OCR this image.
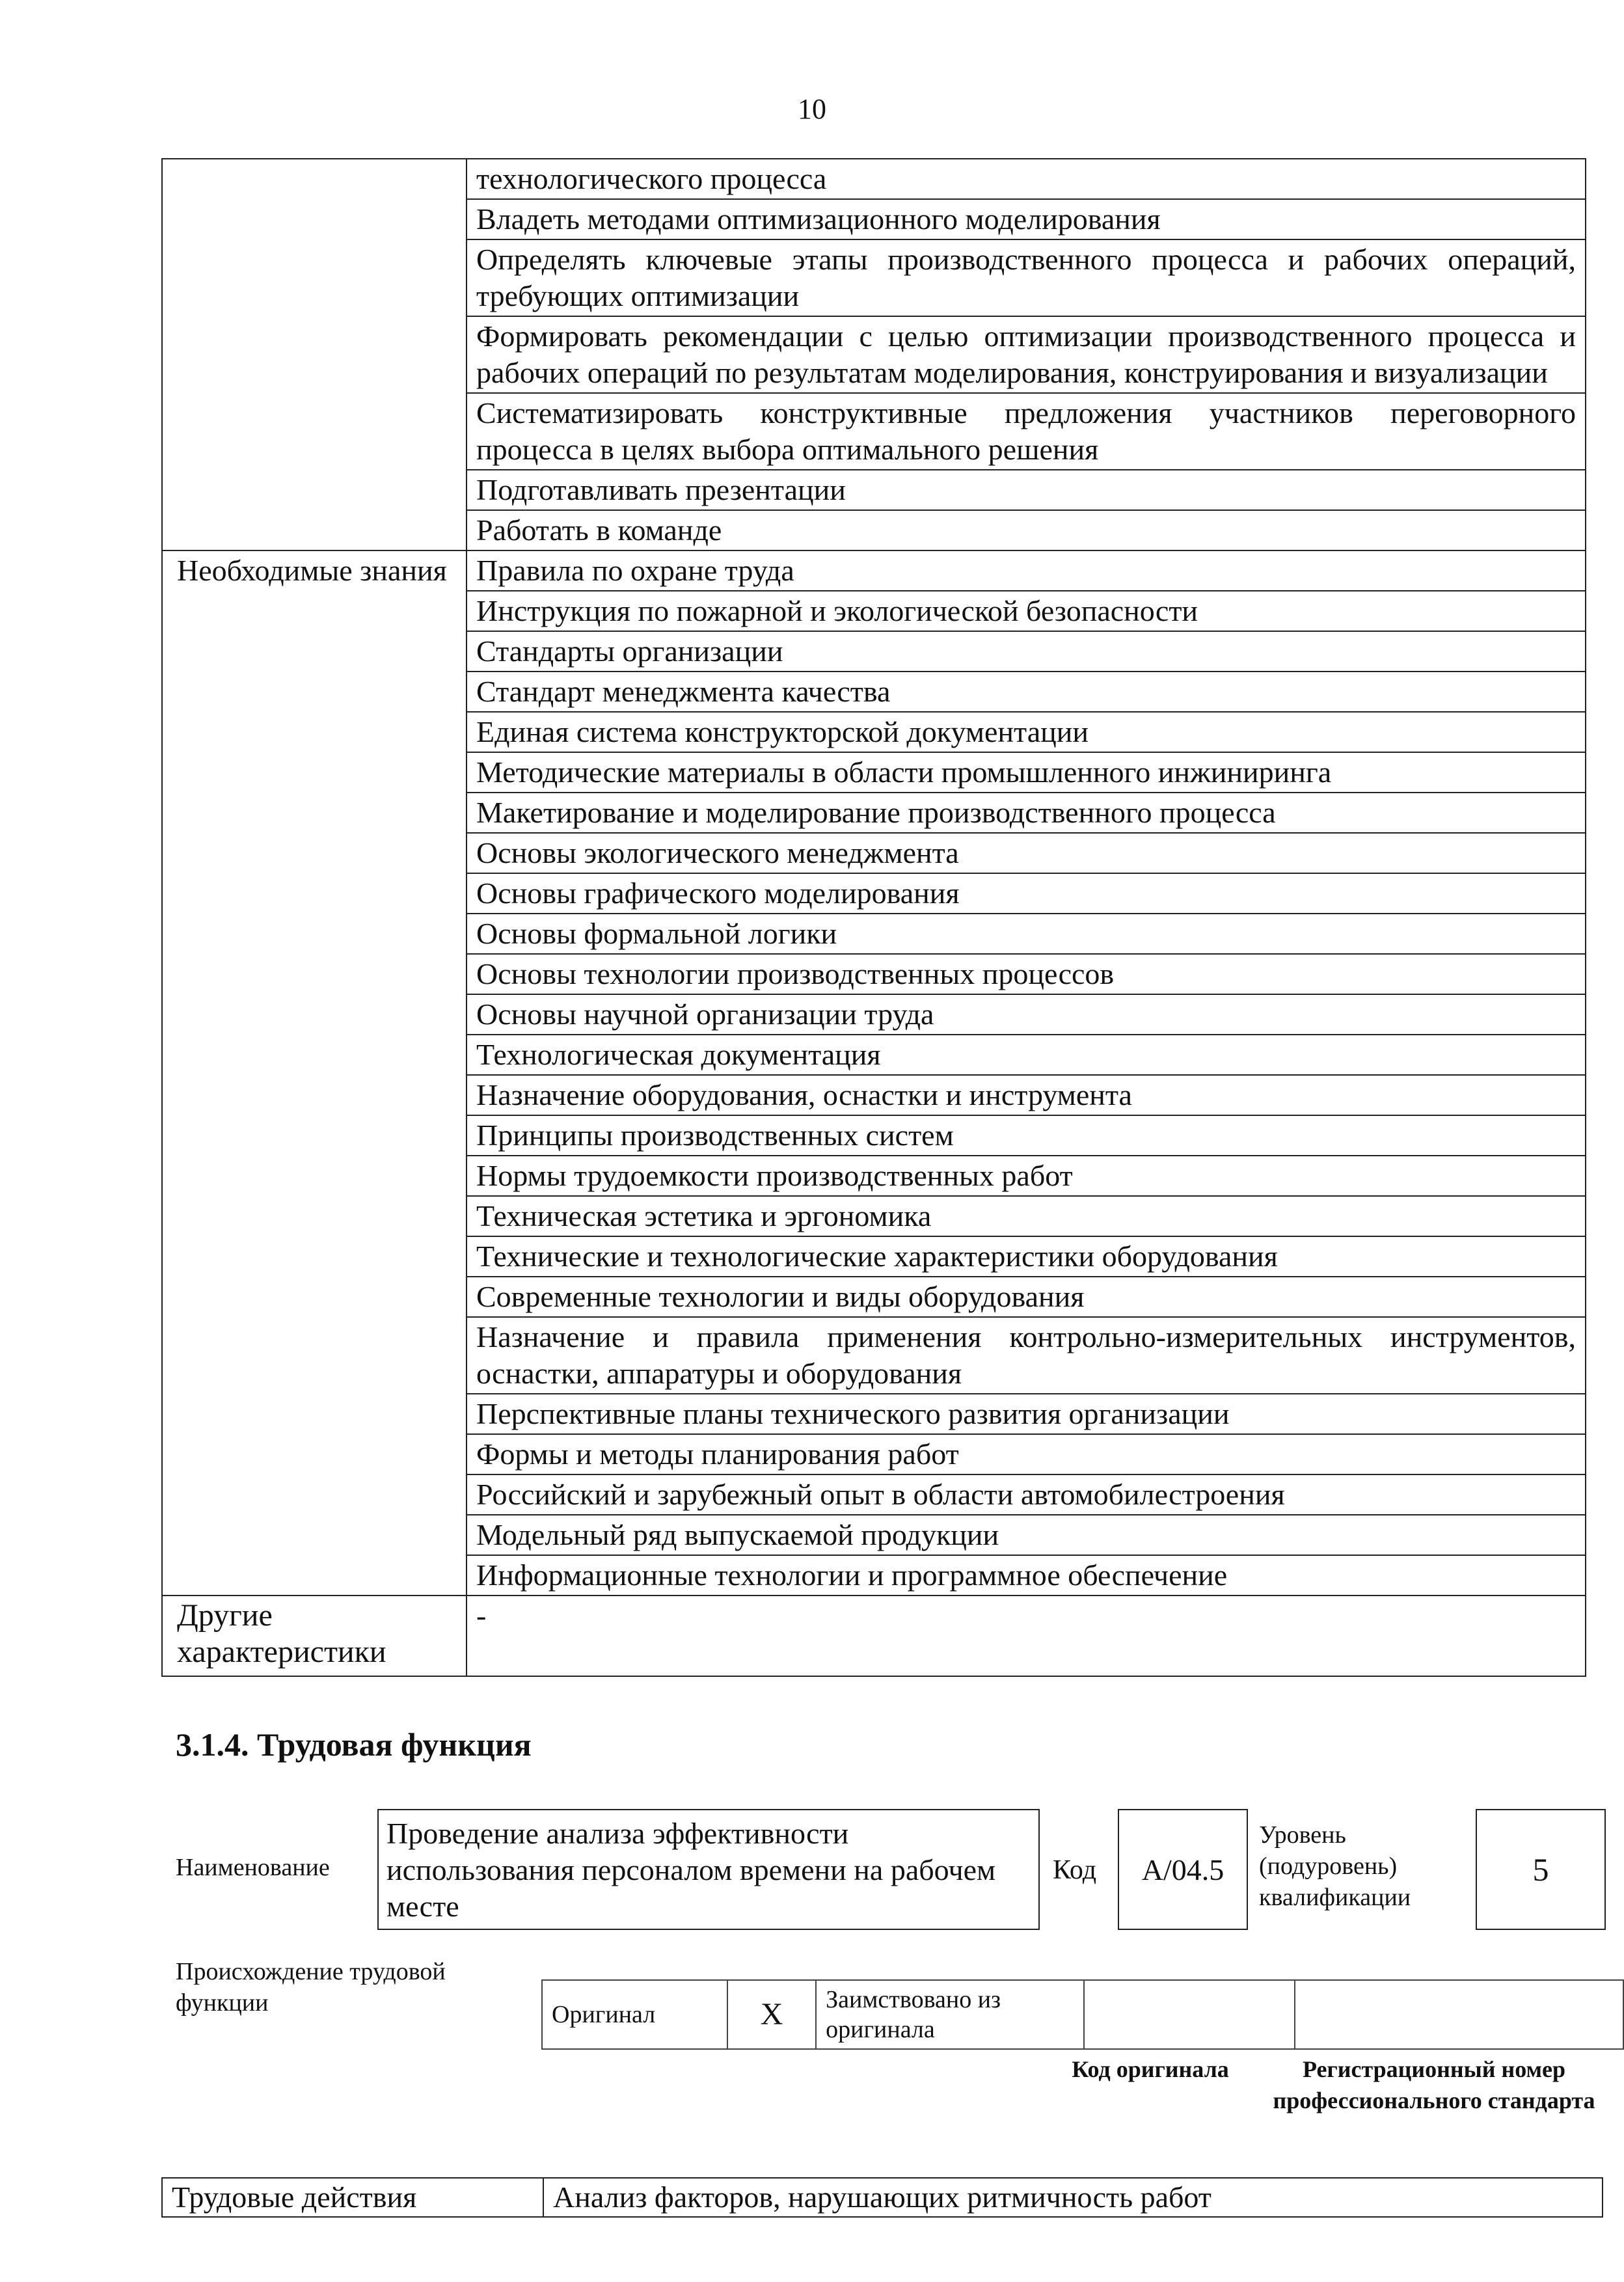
10
	технологического процесса
	Владеть методами оптимизационного моделирования
	Определять ключевые этапы производственного процесса и рабочих операций, требующих оптимизации
	Формировать рекомендации с целью оптимизации производственного процесса и рабочих операций по результатам моделирования, конструирования и визуализации
	Систематизировать конструктивные предложения участников переговорного процесса в целях выбора оптимального решения
	Подготавливать презентации
	Работать в команде
Необходимые знания	Правила по охране труда
	Инструкция по пожарной и экологической безопасности
	Стандарты организации
	Стандарт менеджмента качества
	Единая система конструкторской документации
	Методические материалы в области промышленного инжиниринга
	Макетирование и моделирование производственного процесса
	Основы экологического менеджмента
	Основы графического моделирования
	Основы формальной логики
	Основы технологии производственных процессов
	Основы научной организации труда
	Технологическая документация
	Назначение оборудования, оснастки и инструмента
	Принципы производственных систем
	Нормы трудоемкости производственных работ
	Техническая эстетика и эргономика
	Технические и технологические характеристики оборудования
	Современные технологии и виды оборудования
	Назначение и правила применения контрольно-измерительных инструментов, оснастки, аппаратуры и оборудования
	Перспективные планы технического развития организации
	Формы и методы планирования работ
	Российский и зарубежный опыт в области автомобилестроения
	Модельный ряд выпускаемой продукции
	Информационные технологии и программное обеспечение
Другие характеристики	-
3.1.4. Трудовая функция
Наименование
Проведение анализа эффективности использования персоналом времени на рабочем месте
Код	A/04.5
Уровень (подуровень) квалификации
5
Происхождение трудовой функции	Оригинал	X	Заимствовано из оригинала		
Код оригинала	Регистрационный номер профессионального стандарта
Трудовые действия	Анализ факторов, нарушающих ритмичность работ
